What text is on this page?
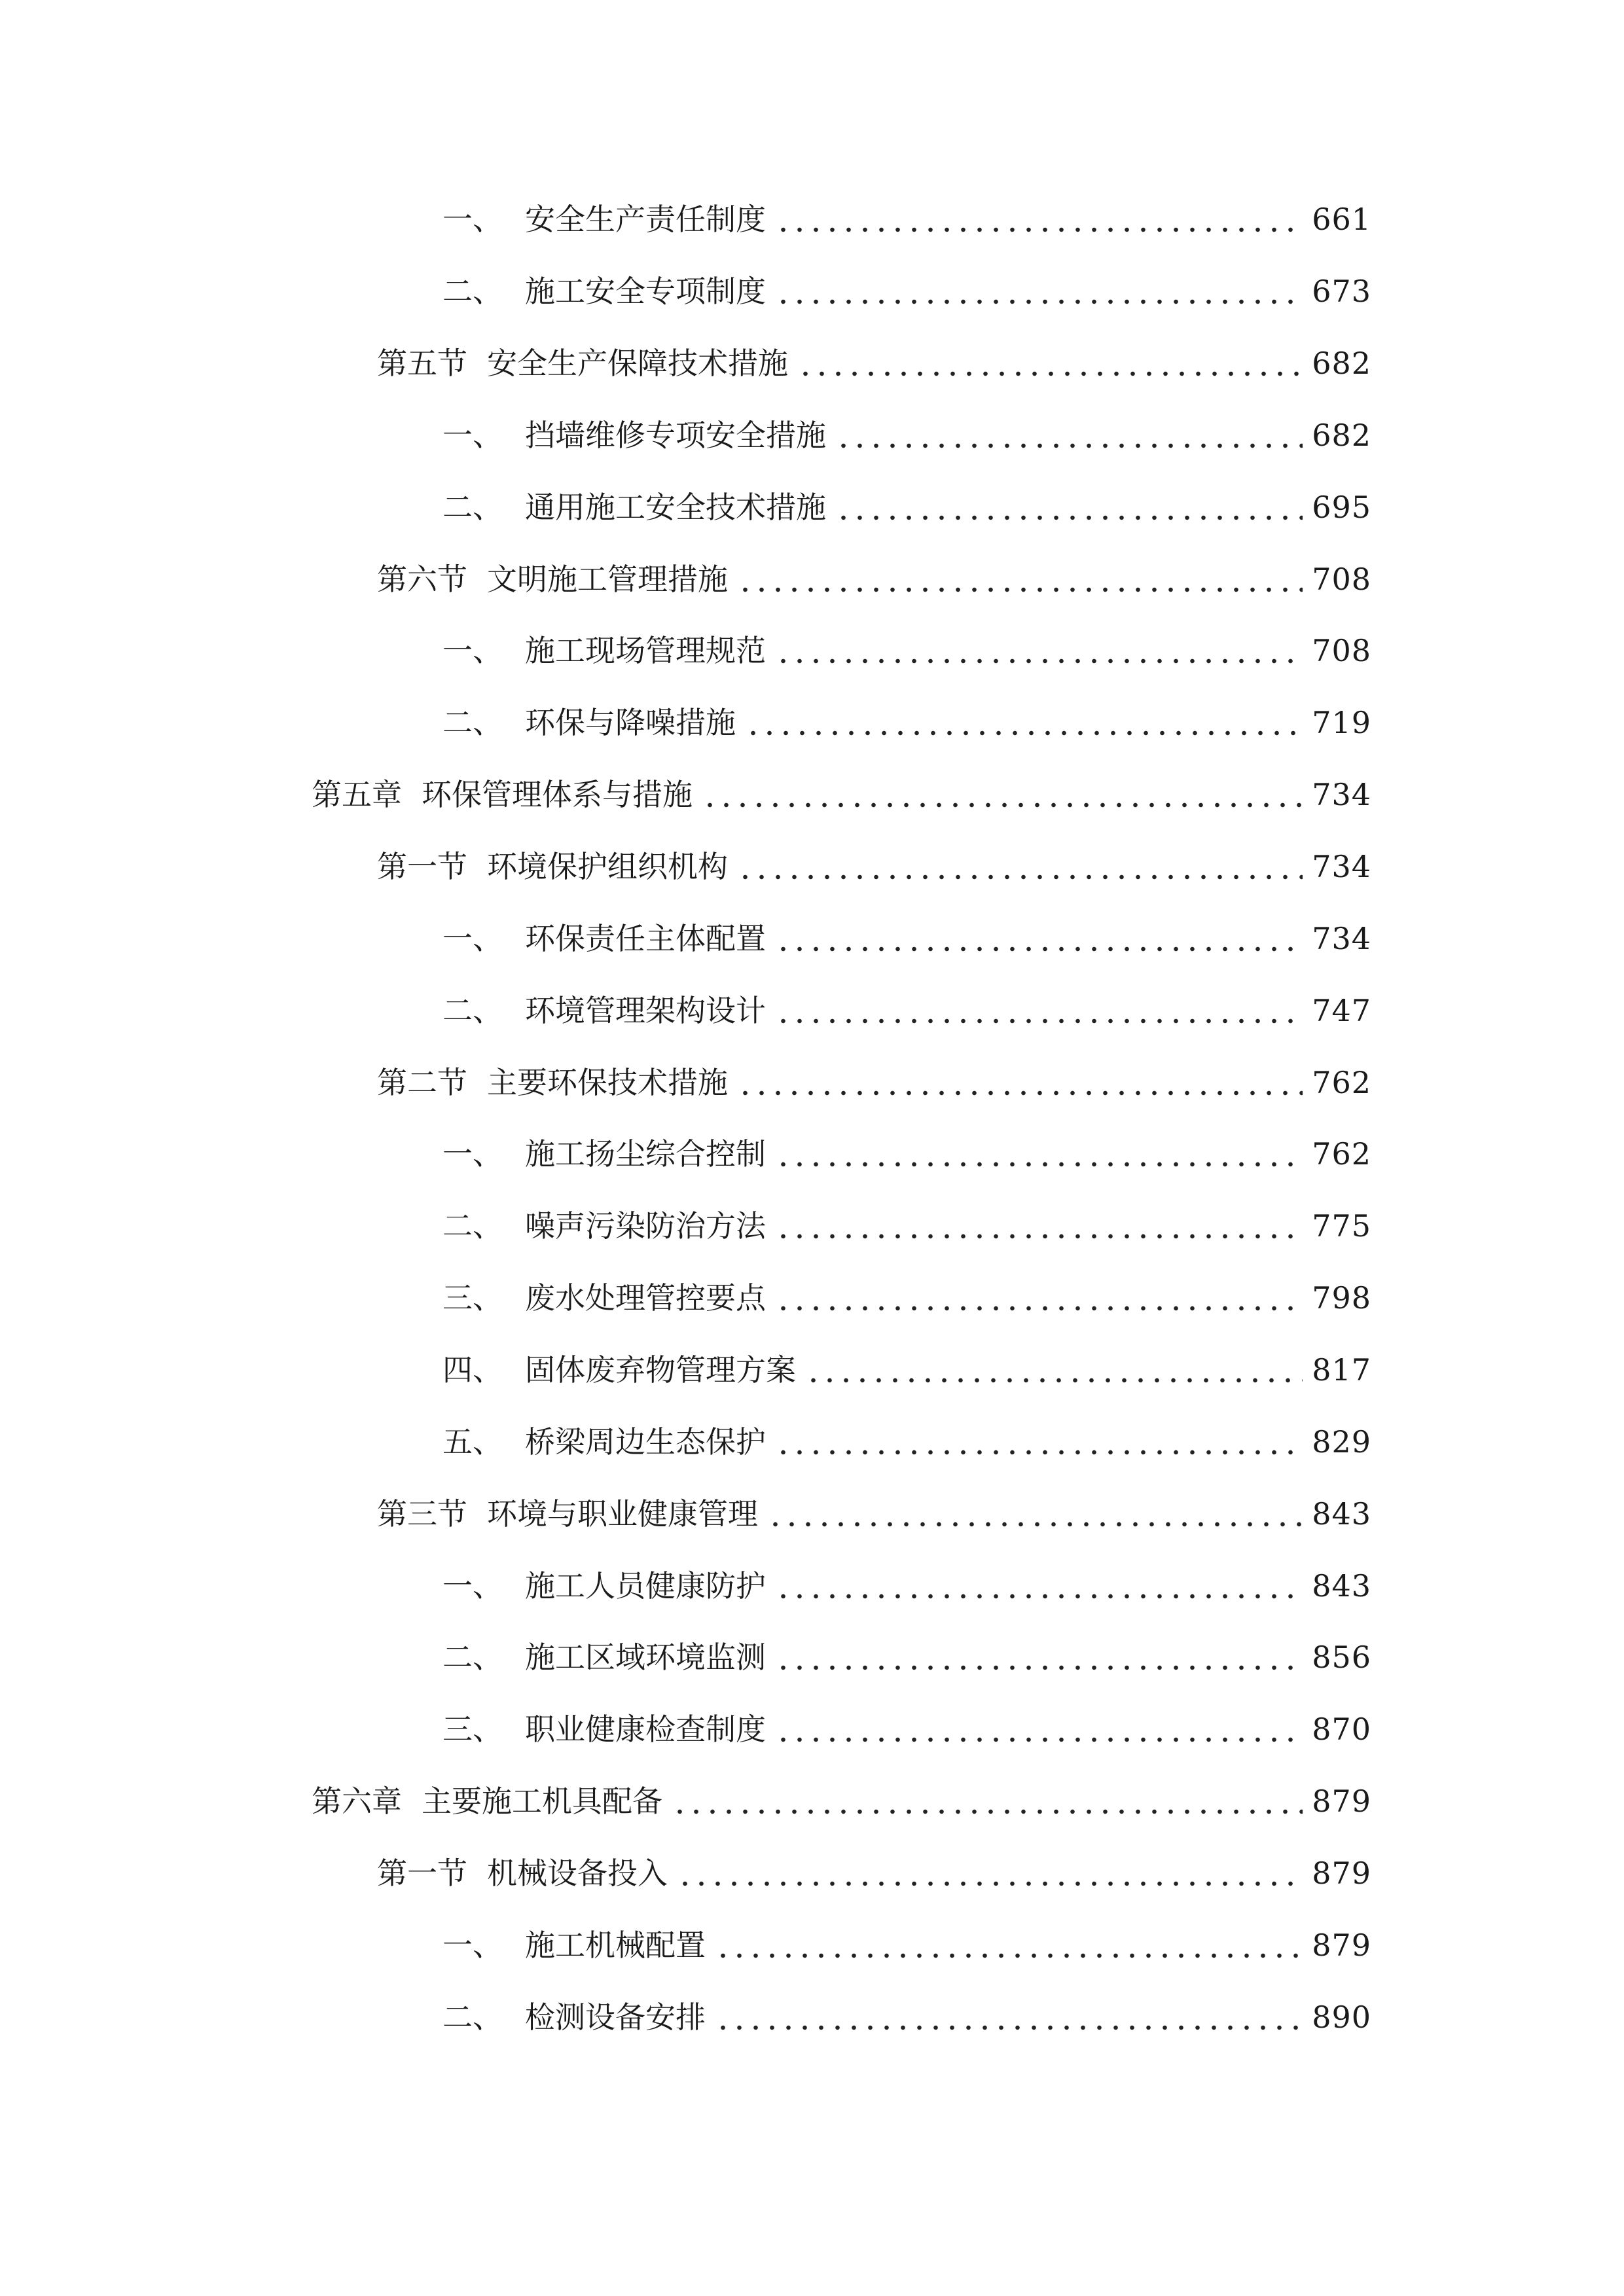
一、 安全生产责任制度	661
二、 施工安全专项制度	673
第五节 安全生产保障技术措施	682
一、 挡墙维修专项安全措施	682
二、 通用施工安全技术措施	695
第六节 文明施工管理措施	708
一、 施工现场管理规范	708
二、 环保与降噪措施	719
第五章 环保管理体系与措施	734
第一节 环境保护组织机构	734
一、 环保责任主体配置	734
二、 环境管理架构设计	747
第二节 主要环保技术措施	762
一、 施工扬尘综合控制	762
二、 噪声污染防治方法	775
三、 废水处理管控要点	798
四、 固体废弃物管理方案	817
五、 桥梁周边生态保护	829
第三节 环境与职业健康管理	843
一、 施工人员健康防护	843
二、 施工区域环境监测	856
三、 职业健康检查制度	870
第六章 主要施工机具配备	879
第一节 机械设备投入	879
一、 施工机械配置	879
二、 检测设备安排	890
